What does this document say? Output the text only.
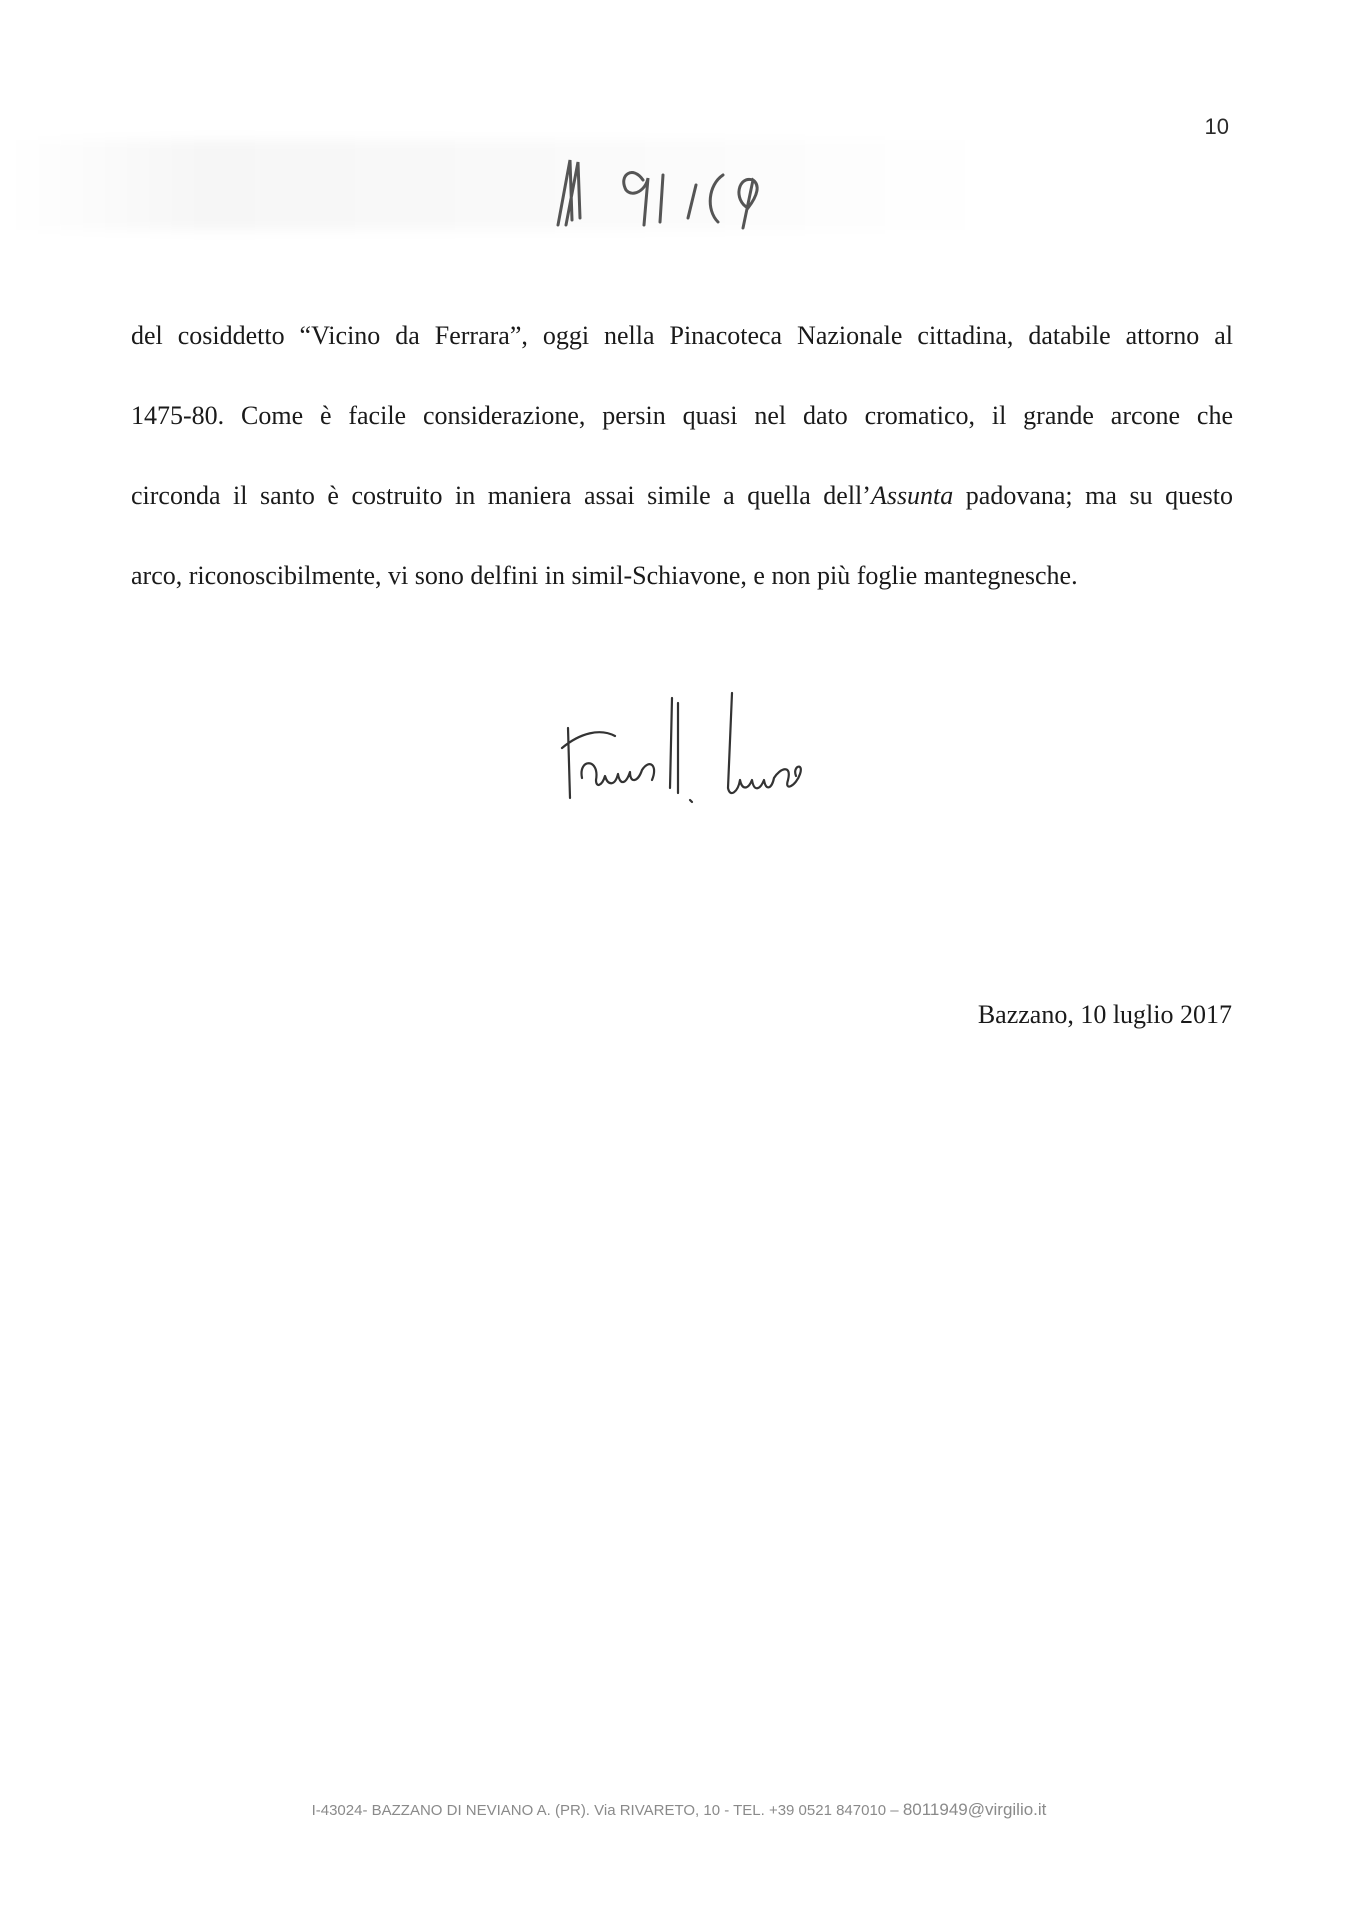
10
del cosiddetto “Vicino da Ferrara”, oggi nella Pinacoteca Nazionale cittadina, databile attorno al
1475-80. Come è facile considerazione, persin quasi nel dato cromatico, il grande arcone che
circonda il santo è costruito in maniera assai simile a quella dell’Assunta padovana; ma su questo
arco, riconoscibilmente, vi sono delfini in simil-Schiavone, e non più foglie mantegnesche.
Bazzano, 10 luglio 2017
I-43024- BAZZANO DI NEVIANO A. (PR). Via RIVARETO, 10 - TEL. +39 0521 847010 – 8011949@virgilio.it
